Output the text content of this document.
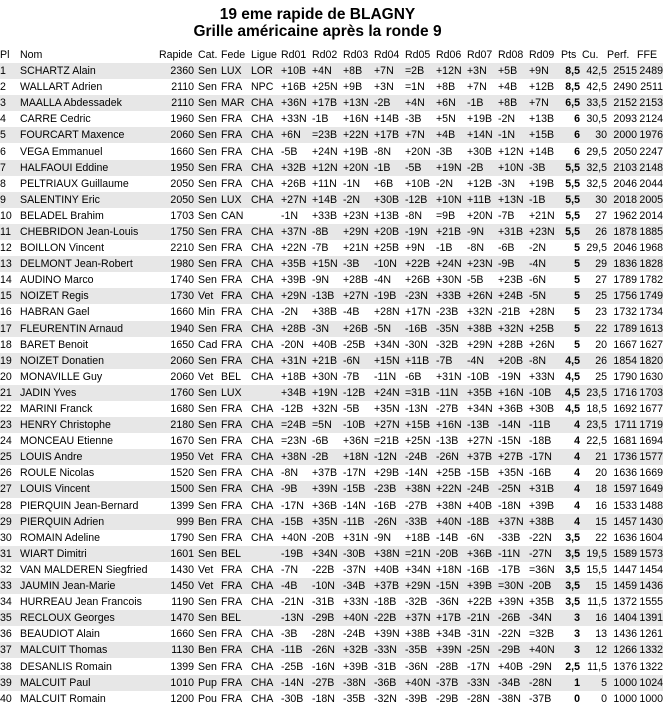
19 eme rapide de BLAGNY
Grille américaine après la ronde 9
Pl	Nom	Rapide	Cat.	Fede	Ligue	Rd01	Rd02	Rd03	Rd04	Rd05	Rd06	Rd07	Rd08	Rd09	Pts	Cu.	Perf.	FFE
1	SCHARTZ Alain	2360	Sen	LUX	LOR	+10B	+4N	+8B	+7N	=2B	+12N	+3N	+5B	+9N	8,5	42,5	2515	2489
2	WALLART Adrien	2110	Sen	FRA	NPC	+16B	+25N	+9B	+3N	=1N	+8B	+7N	+4B	+12B	8,5	42,5	2490	2511
3	MAALLA Abdessadek	2110	Sen	MAR	CHA	+36N	+17B	+13N	-2B	+4N	+6N	-1B	+8B	+7N	6,5	33,5	2152	2153
4	CARRE Cedric	1960	Sen	FRA	CHA	+33N	-1B	+16N	+14B	-3B	+5N	+19B	-2N	+13B	6	30,5	2093	2124
5	FOURCART Maxence	2060	Sen	FRA	CHA	+6N	=23B	+22N	+17B	+7N	+4B	+14N	-1N	+15B	6	30	2000	1976
6	VEGA Emmanuel	1660	Sen	FRA	CHA	-5B	+24N	+19B	-8N	+20N	-3B	+30B	+12N	+14B	6	29,5	2050	2247
7	HALFAOUI Eddine	1950	Sen	FRA	CHA	+32B	+12N	+20N	-1B	-5B	+19N	-2B	+10N	-3B	5,5	32,5	2103	2148
8	PELTRIAUX Guillaume	2050	Sen	FRA	CHA	+26B	+11N	-1N	+6B	+10B	-2N	+12B	-3N	+19B	5,5	32,5	2046	2044
9	SALENTINY Eric	2050	Sen	LUX	CHA	+27N	+14B	-2N	+30B	-12B	+10N	+11B	+13N	-1B	5,5	30	2018	2005
10	BELADEL Brahim	1703	Sen	CAN		-1N	+33B	+23N	+13B	-8N	=9B	+20N	-7B	+21N	5,5	27	1962	2014
11	CHEBRIDON Jean-Louis	1750	Sen	FRA	CHA	+37N	-8B	+29N	+20B	-19N	+21B	-9N	+31B	+23N	5,5	26	1878	1885
12	BOILLON Vincent	2210	Sen	FRA	CHA	+22N	-7B	+21N	+25B	+9N	-1B	-8N	-6B	-2N	5	29,5	2046	1968
13	DELMONT Jean-Robert	1980	Sen	FRA	CHA	+35B	+15N	-3B	-10N	+22B	+24N	+23N	-9B	-4N	5	29	1836	1828
14	AUDINO Marco	1740	Sen	FRA	CHA	+39B	-9N	+28B	-4N	+26B	+30N	-5B	+23B	-6N	5	27	1789	1782
15	NOIZET Regis	1730	Vet	FRA	CHA	+29N	-13B	+27N	-19B	-23N	+33B	+26N	+24B	-5N	5	25	1756	1749
16	HABRAN Gael	1660	Min	FRA	CHA	-2N	+38B	-4B	+28N	+17N	-23B	+32N	-21B	+28N	5	23	1732	1734
17	FLEURENTIN Arnaud	1940	Sen	FRA	CHA	+28B	-3N	+26B	-5N	-16B	-35N	+38B	+32N	+25B	5	22	1789	1613
18	BARET Benoit	1650	Cad	FRA	CHA	-20N	+40B	-25B	+34N	-30N	-32B	+29N	+28B	+26N	5	20	1667	1627
19	NOIZET Donatien	2060	Sen	FRA	CHA	+31N	+21B	-6N	+15N	+11B	-7B	-4N	+20B	-8N	4,5	26	1854	1820
20	MONAVILLE Guy	2060	Vet	BEL	CHA	+18B	+30N	-7B	-11N	-6B	+31N	-10B	-19N	+33N	4,5	25	1790	1630
21	JADIN Yves	1760	Sen	LUX		+34B	+19N	-12B	+24N	=31B	-11N	+35B	+16N	-10B	4,5	23,5	1716	1703
22	MARINI Franck	1680	Sen	FRA	CHA	-12B	+32N	-5B	+35N	-13N	-27B	+34N	+36B	+30B	4,5	18,5	1692	1677
23	HENRY Christophe	2180	Sen	FRA	CHA	=24B	=5N	-10B	+27N	+15B	+16N	-13B	-14N	-11B	4	23,5	1711	1719
24	MONCEAU Etienne	1670	Sen	FRA	CHA	=23N	-6B	+36N	=21B	+25N	-13B	+27N	-15N	-18B	4	22,5	1681	1694
25	LOUIS Andre	1950	Vet	FRA	CHA	+38N	-2B	+18N	-12N	-24B	-26N	+37B	+27B	-17N	4	21	1736	1577
26	ROULE Nicolas	1520	Sen	FRA	CHA	-8N	+37B	-17N	+29B	-14N	+25B	-15B	+35N	-16B	4	20	1636	1669
27	LOUIS Vincent	1500	Sen	FRA	CHA	-9B	+39N	-15B	-23B	+38N	+22N	-24B	-25N	+31B	4	18	1597	1649
28	PIERQUIN Jean-Bernard	1399	Sen	FRA	CHA	-17N	+36B	-14N	-16B	-27B	+38N	+40B	-18N	+39B	4	16	1533	1488
29	PIERQUIN Adrien	999	Ben	FRA	CHA	-15B	+35N	-11B	-26N	-33B	+40N	-18B	+37N	+38B	4	15	1457	1430
30	ROMAIN Adeline	1790	Sen	FRA	CHA	+40N	-20B	+31N	-9N	+18B	-14B	-6N	-33B	-22N	3,5	22	1636	1604
31	WIART Dimitri	1601	Sen	BEL		-19B	+34N	-30B	+38N	=21N	-20B	+36B	-11N	-27N	3,5	19,5	1589	1573
32	VAN MALDEREN Siegfried	1430	Vet	FRA	CHA	-7N	-22B	-37N	+40B	+34N	+18N	-16B	-17B	=36N	3,5	15,5	1447	1454
33	JAUMIN Jean-Marie	1450	Vet	FRA	CHA	-4B	-10N	-34B	+37B	+29N	-15N	+39B	=30N	-20B	3,5	15	1459	1436
34	HURREAU Jean Francois	1190	Sen	FRA	CHA	-21N	-31B	+33N	-18B	-32B	-36N	+22B	+39N	+35B	3,5	11,5	1372	1555
35	RECLOUX Georges	1470	Sen	BEL		-13N	-29B	+40N	-22B	+37N	+17B	-21N	-26B	-34N	3	16	1404	1391
36	BEAUDIOT Alain	1660	Sen	FRA	CHA	-3B	-28N	-24B	+39N	+38B	+34B	-31N	-22N	=32B	3	13	1436	1261
37	MALCUIT Thomas	1130	Ben	FRA	CHA	-11B	-26N	+32B	-33N	-35B	+39N	-25N	-29B	+40N	3	12	1266	1332
38	DESANLIS Romain	1399	Sen	FRA	CHA	-25B	-16N	+39B	-31B	-36N	-28B	-17N	+40B	-29N	2,5	11,5	1376	1322
39	MALCUIT Paul	1010	Pup	FRA	CHA	-14N	-27B	-38N	-36B	+40N	-37B	-33N	-34B	-28N	1	5	1000	1024
40	MALCUIT Romain	1200	Pou	FRA	CHA	-30B	-18N	-35B	-32N	-39B	-29B	-28N	-38N	-37B	0	0	1000	1000
